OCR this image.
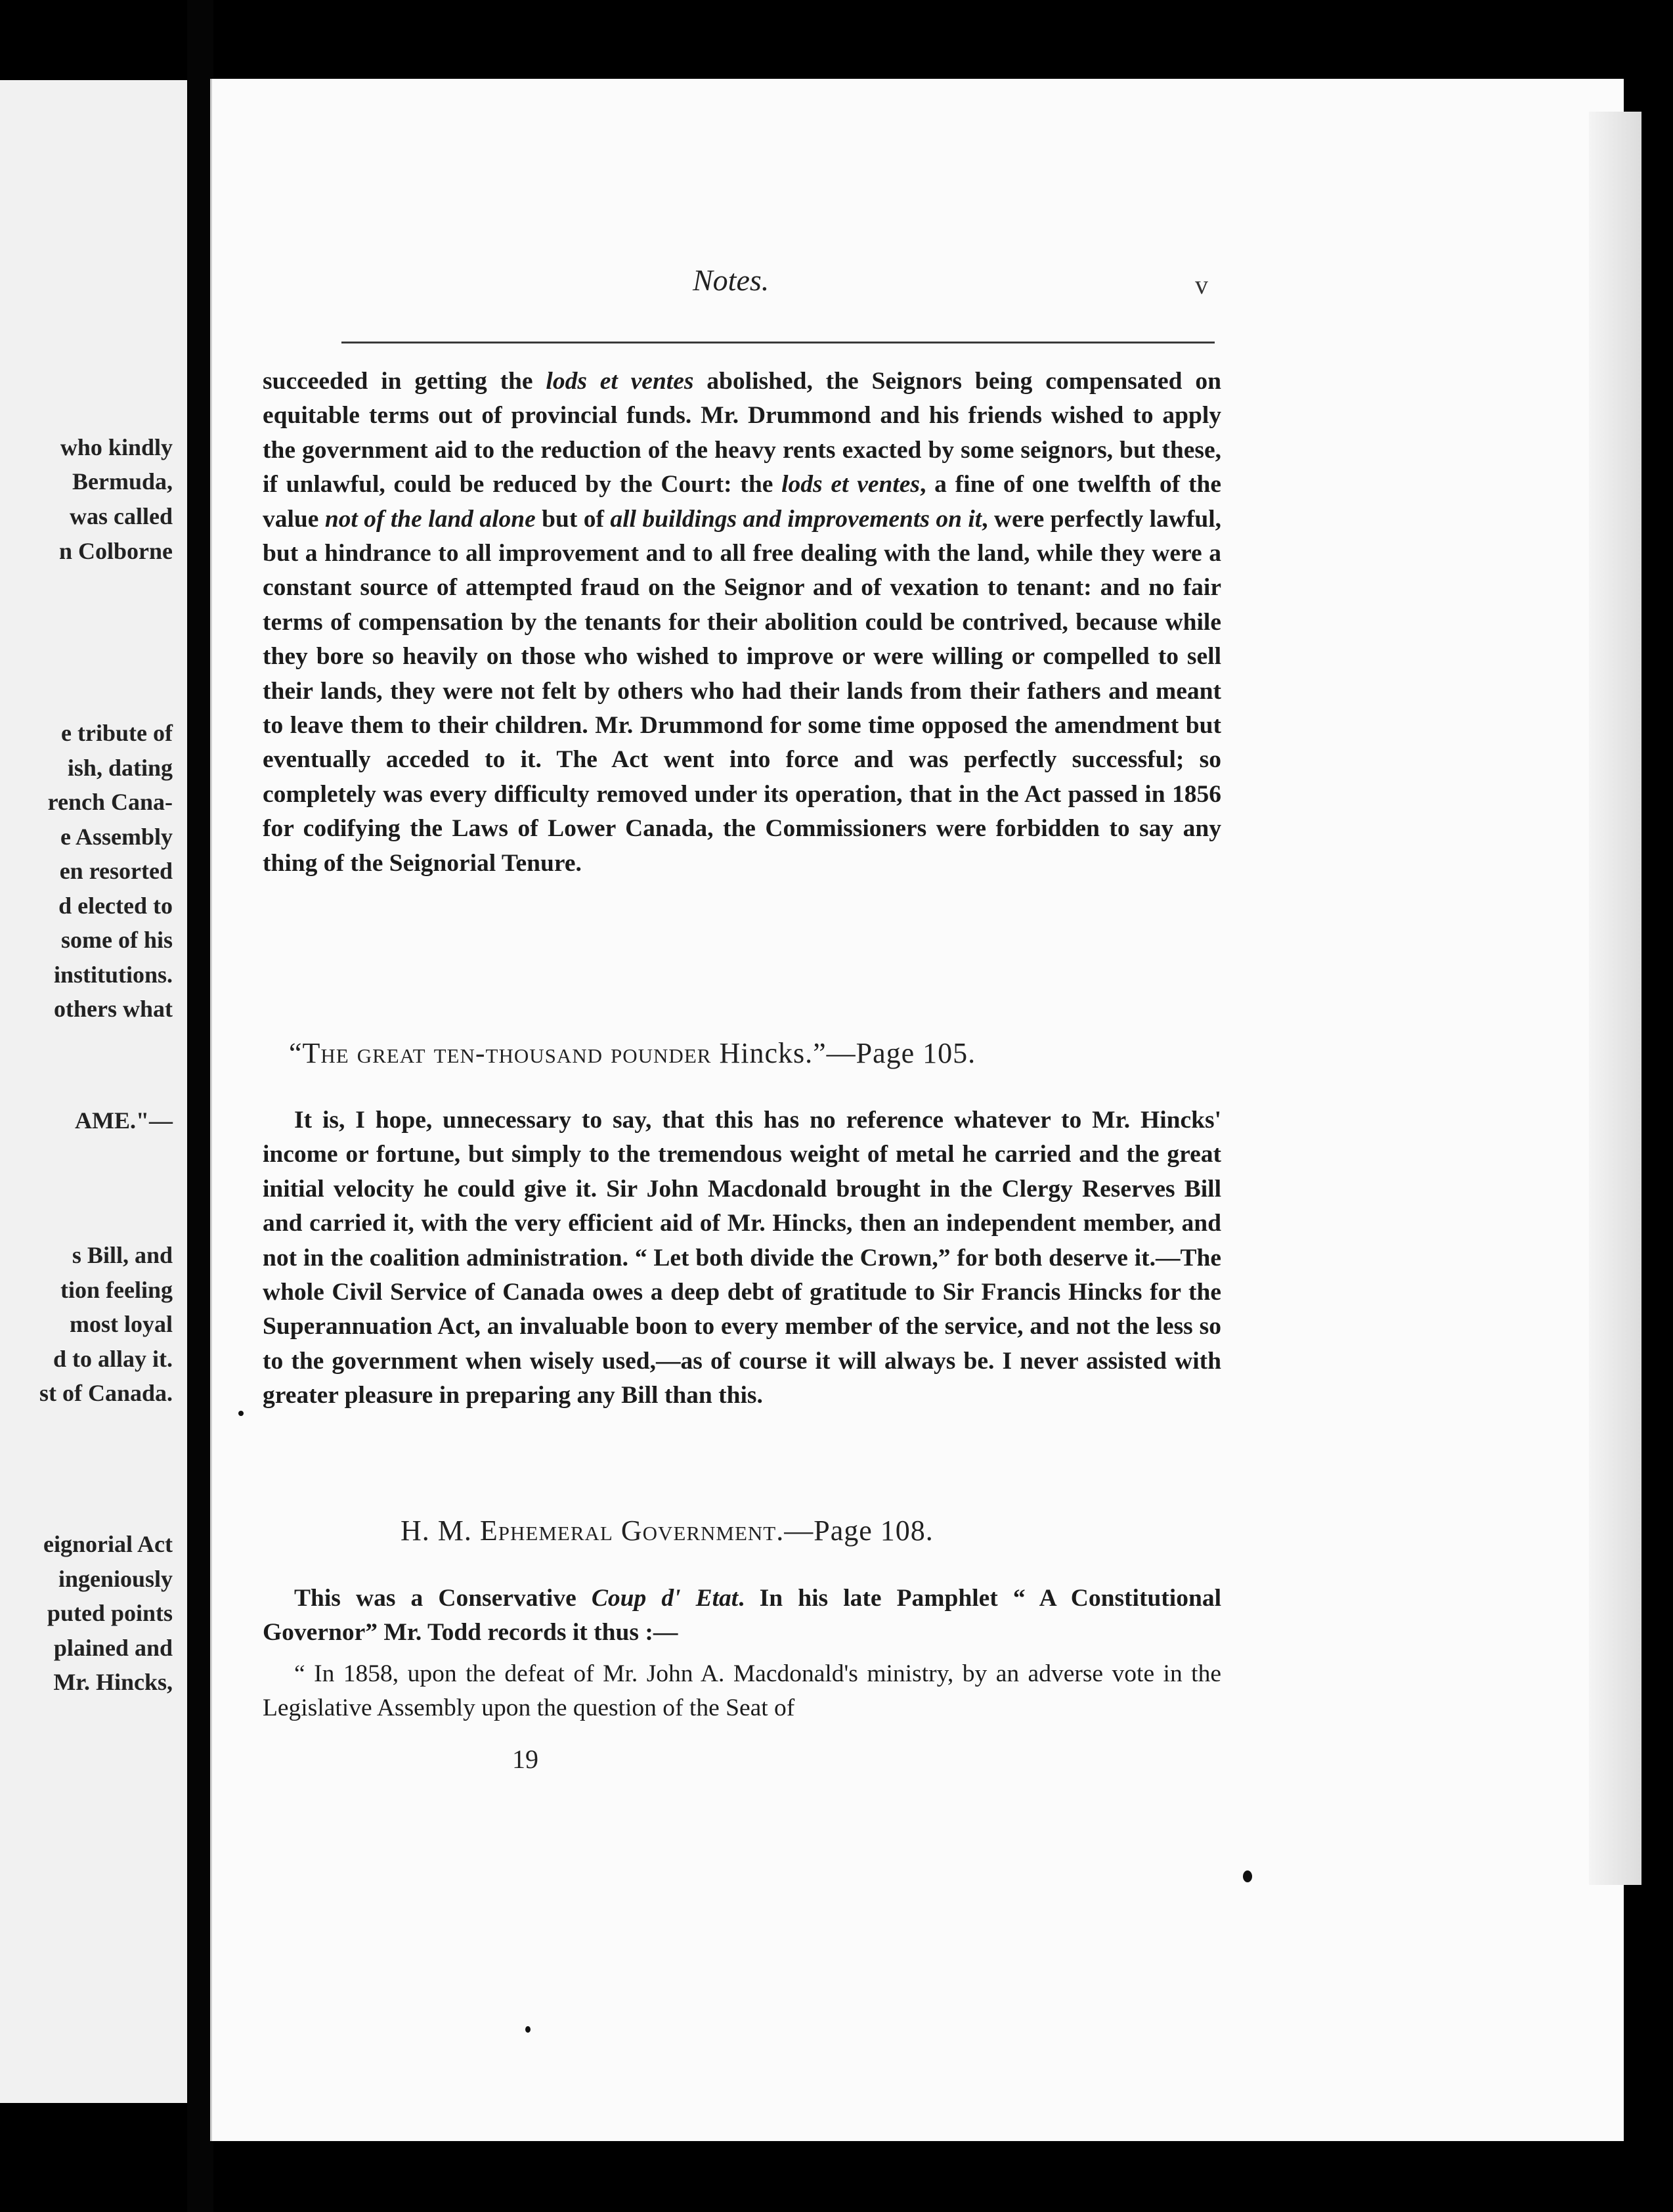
who kindly
Bermuda,
was called
n Colborne
e tribute of
ish, dating
rench Cana-
e Assembly
en resorted
d elected to
some of his
institutions.
others what
AME."—
s Bill, and
tion feeling
most loyal
d to allay it.
st of Canada.
eignorial Act
ingeniously
puted points
plained and
Mr. Hincks,
Notes.	v

succeeded in getting the lods et ventes abolished, the Seignors being compensated on equitable terms out of provincial funds. Mr. Drummond and his friends wished to apply the government aid to the reduction of the heavy rents exacted by some seignors, but these, if unlawful, could be reduced by the Court: the lods et ventes, a fine of one twelfth of the value not of the land alone but of all buildings and improvements on it, were perfectly lawful, but a hindrance to all improvement and to all free dealing with the land, while they were a constant source of attempted fraud on the Seignor and of vexation to tenant: and no fair terms of compensation by the tenants for their abolition could be contrived, because while they bore so heavily on those who wished to improve or were willing or compelled to sell their lands, they were not felt by others who had their lands from their fathers and meant to leave them to their children. Mr. Drummond for some time opposed the amendment but eventually acceded to it. The Act went into force and was perfectly successful; so completely was every difficulty removed under its operation, that in the Act passed in 1856 for codifying the Laws of Lower Canada, the Commissioners were forbidden to say any thing of the Seignorial Tenure.

“The great ten-thousand pounder Hincks.”—Page 105.

It is, I hope, unnecessary to say, that this has no reference whatever to Mr. Hincks' income or fortune, but simply to the tremendous weight of metal he carried and the great initial velocity he could give it. Sir John Macdonald brought in the Clergy Reserves Bill and carried it, with the very efficient aid of Mr. Hincks, then an independent member, and not in the coalition administration. “ Let both divide the Crown,” for both deserve it.—The whole Civil Service of Canada owes a deep debt of gratitude to Sir Francis Hincks for the Superannuation Act, an invaluable boon to every member of the service, and not the less so to the government when wisely used,—as of course it will always be. I never assisted with greater pleasure in preparing any Bill than this.

H. M. Ephemeral Government.—Page 108.

This was a Conservative Coup d' Etat. In his late Pamphlet “ A Constitutional Governor” Mr. Todd records it thus :—

“ In 1858, upon the defeat of Mr. John A. Macdonald's ministry, by an adverse vote in the Legislative Assembly upon the question of the Seat of

19
